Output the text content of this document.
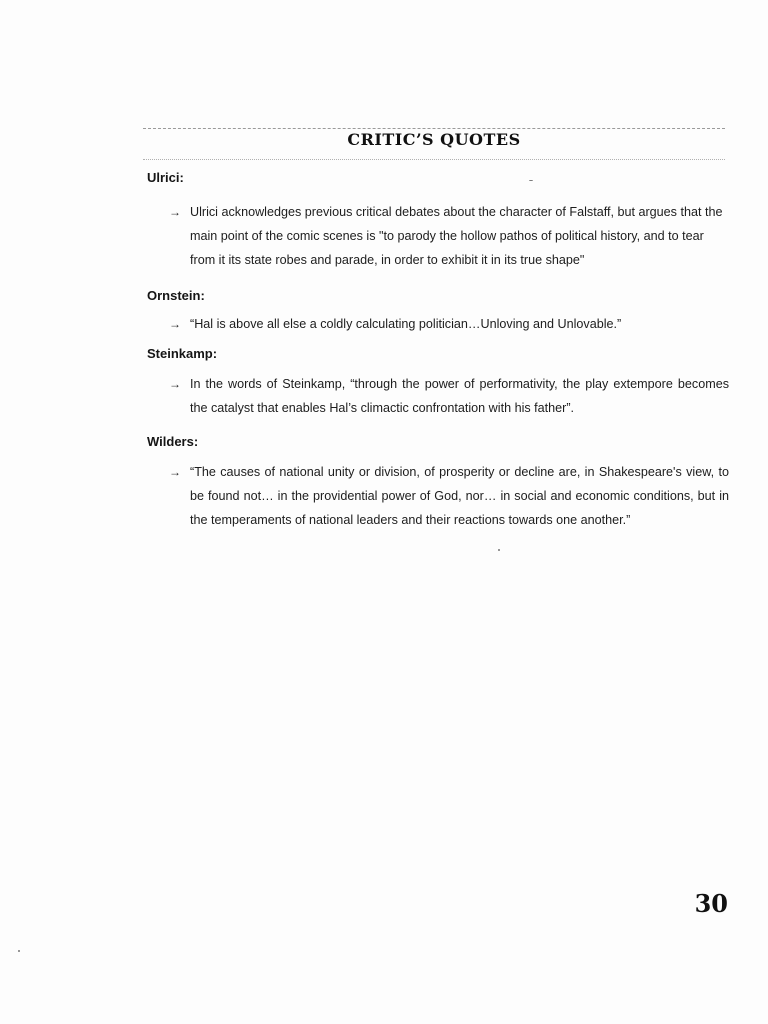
CRITIC’S QUOTES
Ulrici:
→ Ulrici acknowledges previous critical debates about the character of Falstaff, but argues that the main point of the comic scenes is "to parody the hollow pathos of political history, and to tear from it its state robes and parade, in order to exhibit it in its true shape"
Ornstein:
→ “Hal is above all else a coldly calculating politician…Unloving and Unlovable.”
Steinkamp:
→ In the words of Steinkamp, “through the power of performativity, the play extempore becomes the catalyst that enables Hal’s climactic confrontation with his father”.
Wilders:
→ “The causes of national unity or division, of prosperity or decline are, in Shakespeare's view, to be found not… in the providential power of God, nor… in social and economic conditions, but in the temperaments of national leaders and their reactions towards one another.”
30
